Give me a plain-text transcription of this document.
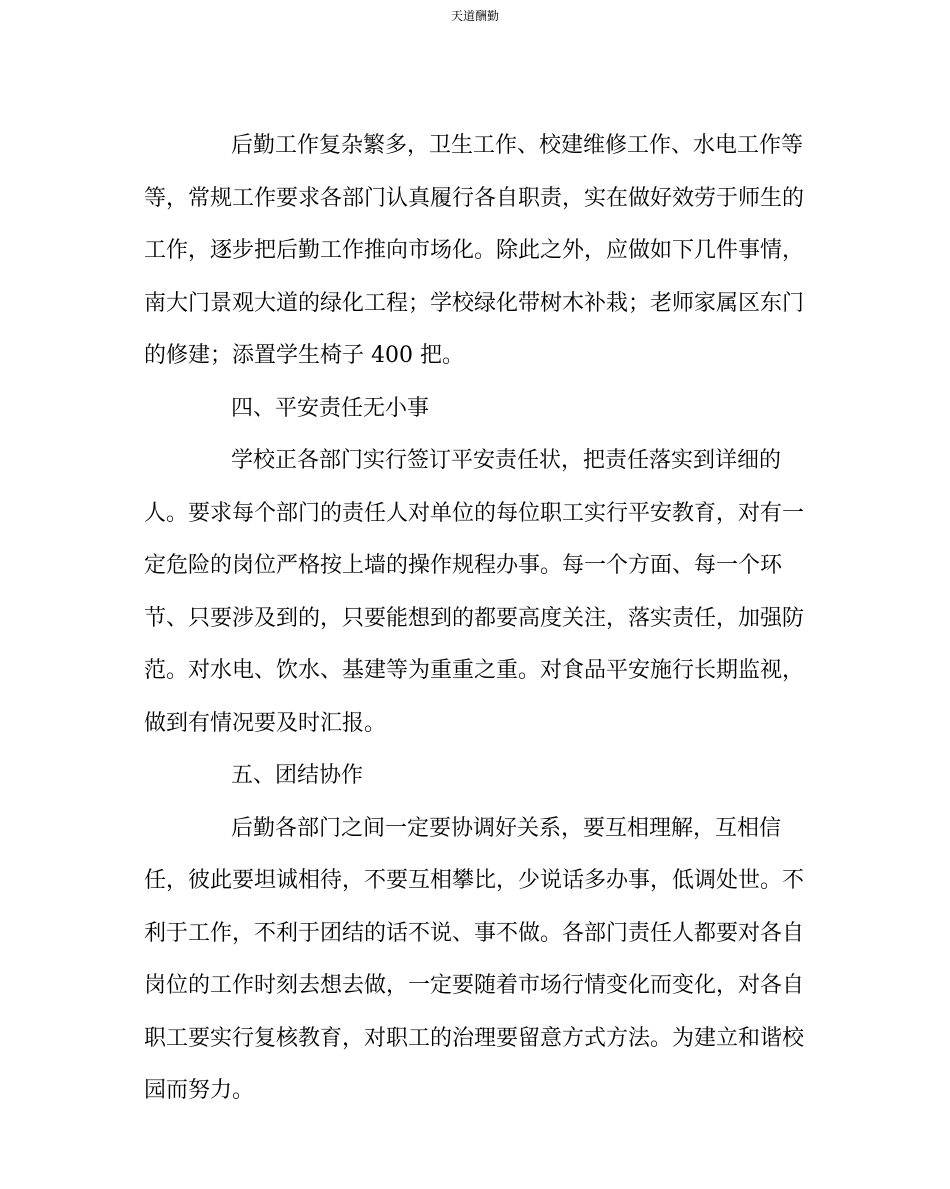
天道酬勤
后勤工作复杂繁多，卫生工作、校建维修工作、水电工作等
等，常规工作要求各部门认真履行各自职责，实在做好效劳于师生的
工作，逐步把后勤工作推向市场化。除此之外，应做如下几件事情，
南大门景观大道的绿化工程；学校绿化带树木补栽；老师家属区东门
的修建；添置学生椅子 400 把。
四、平安责任无小事
学校正各部门实行签订平安责任状，把责任落实到详细的
人。要求每个部门的责任人对单位的每位职工实行平安教育，对有一
定危险的岗位严格按上墙的操作规程办事。每一个方面、每一个环
节、只要涉及到的，只要能想到的都要高度关注，落实责任，加强防
范。对水电、饮水、基建等为重重之重。对食品平安施行长期监视，
做到有情况要及时汇报。
五、团结协作
后勤各部门之间一定要协调好关系，要互相理解，互相信
任，彼此要坦诚相待，不要互相攀比，少说话多办事，低调处世。不
利于工作，不利于团结的话不说、事不做。各部门责任人都要对各自
岗位的工作时刻去想去做，一定要随着市场行情变化而变化，对各自
职工要实行复核教育，对职工的治理要留意方式方法。为建立和谐校
园而努力。
